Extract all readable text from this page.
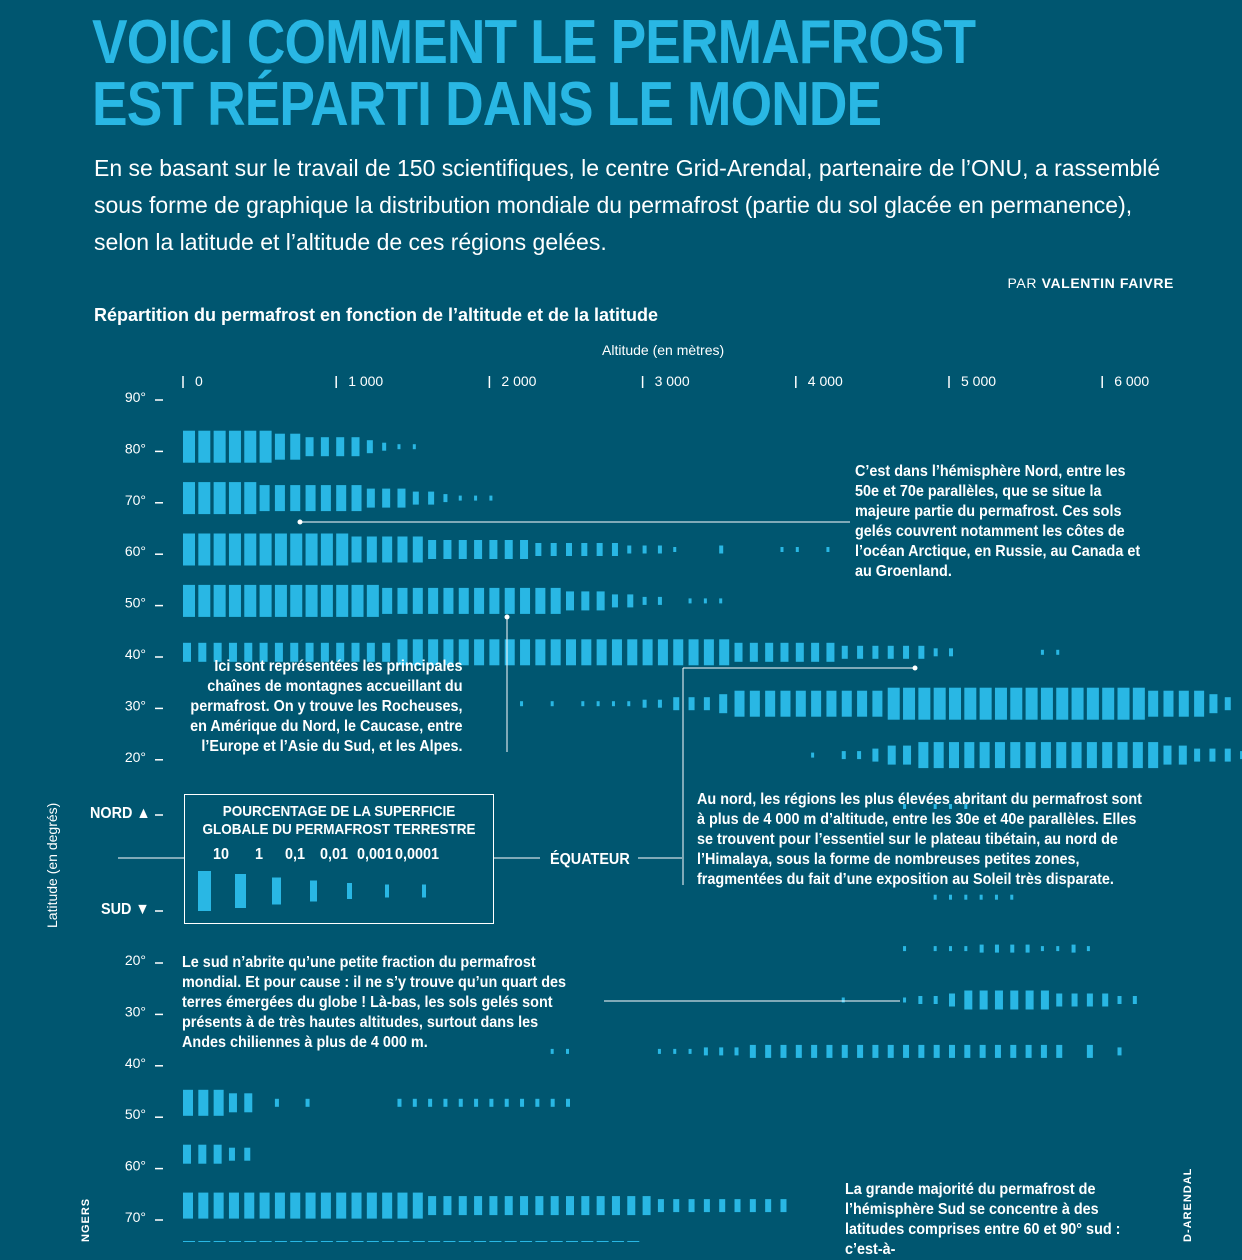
VOICI COMMENT LE PERMAFROST
EST RÉPARTI DANS LE MONDE
En se basant sur le travail de 150 scientifiques, le centre Grid-Arendal, partenaire de l’ONU, a rassemblé sous forme de graphique la distribution mondiale du permafrost (partie du sol glacée en permanence), selon la latitude et l’altitude de ces régions gelées.
PAR VALENTIN FAIVRE
Répartition du permafrost en fonction de l’altitude et de la latitude
Altitude (en mètres)
Latitude (en degrés)
0	1 000	2 000	3 000	4 000	5 000	6 000
90°
80°
70°
60°
50°
40°
30°
20°
20°
30°
40°
50°
60°
70°
C’est dans l’hémisphère Nord, entre les 50e et 70e parallèles, que se situe la majeure partie du permafrost. Ces sols gelés couvrent notamment les côtes de l’océan Arctique, en Russie, au Canada et au Groenland.
Ici sont représentées les principales chaînes de montagnes accueillant du permafrost. On y trouve les Rocheuses, en Amérique du Nord, le Caucase, entre l’Europe et l’Asie du Sud, et les Alpes.
Au nord, les régions les plus élevées abritant du permafrost sont à plus de 4 000 m d’altitude, entre les 30e et 40e parallèles. Elles se trouvent pour l’essentiel sur le plateau tibétain, au nord de l’Himalaya, sous la forme de nombreuses petites zones, fragmentées du fait d’une exposition au Soleil très disparate.
Le sud n’abrite qu’une petite fraction du permafrost mondial. Et pour cause : il ne s’y trouve qu’un quart des terres émergées du globe ! Là-bas, les sols gelés sont présents à de très hautes altitudes, surtout dans les Andes chiliennes à plus de 4 000 m.
La grande majorité du permafrost de l’hémisphère Sud se concentre à des latitudes comprises entre 60 et 90° sud : c’est-à-
NORD ▲
SUD ▼
ÉQUATEUR
POURCENTAGE DE LA SUPERFICIE GLOBALE DU PERMAFROST TERRESTRE
10 1 0,1 0,01 0,001 0,0001
NGERS	D-ARENDAL
